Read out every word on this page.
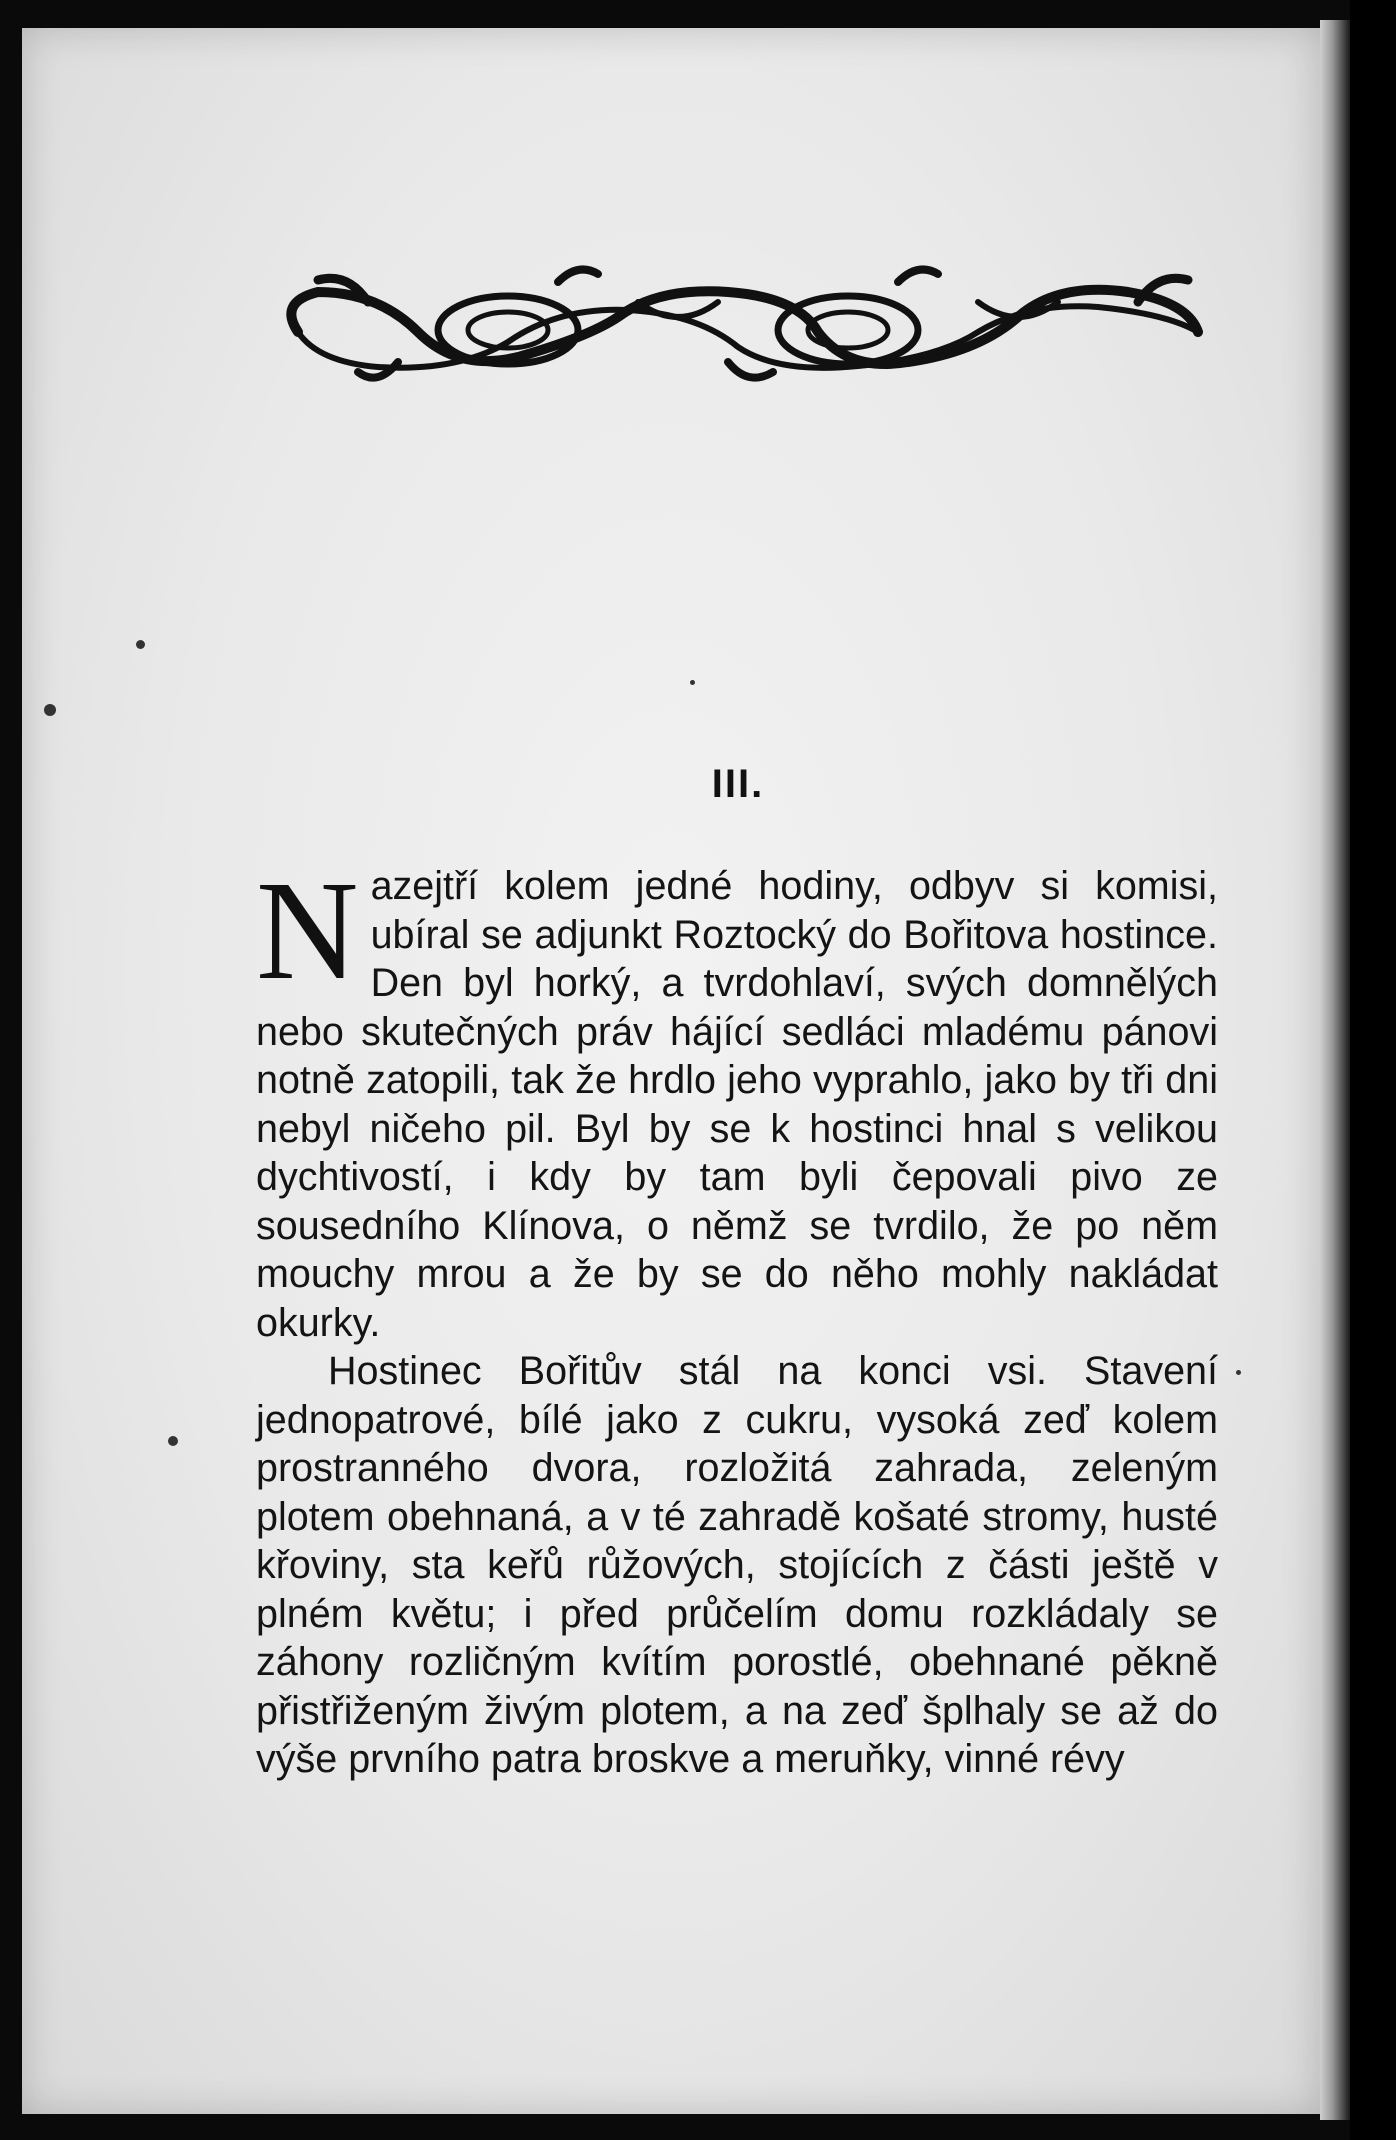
III.

Nazejtří kolem jedné hodiny, odbyv si komisi, ubíral se adjunkt Roztocký do Bořitova hostince. Den byl horký, a tvrdohlaví, svých domnělých nebo skutečných práv hájící sedláci mladému pánovi notně zatopili, tak že hrdlo jeho vyprahlo, jako by tři dni nebyl ničeho pil. Byl by se k hostinci hnal s velikou dychtivostí, i kdy by tam byli čepovali pivo ze sousedního Klínova, o němž se tvrdilo, že po něm mouchy mrou a že by se do něho mohly nakládat okurky.

Hostinec Bořitův stál na konci vsi. Stavení jednopatrové, bílé jako z cukru, vysoká zeď kolem prostranného dvora, rozložitá zahrada, zeleným plotem obehnaná, a v té zahradě košaté stromy, husté křoviny, sta keřů růžových, stojících z části ještě v plném květu; i před průčelím domu rozkládaly se záhony rozličným kvítím porostlé, obehnané pěkně přistřiženým živým plotem, a na zeď šplhaly se až do výše prvního patra broskve a meruňky, vinné révy
